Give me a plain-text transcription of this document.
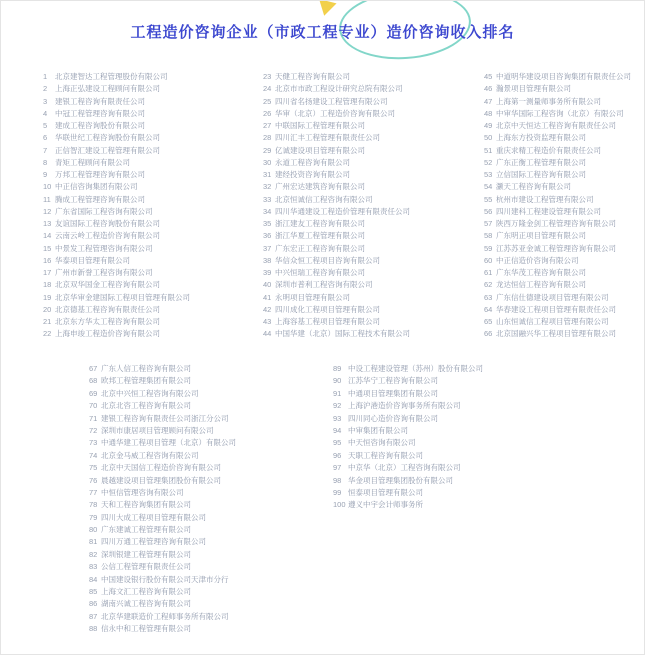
工程造价咨询企业（市政工程专业）造价咨询收入排名
1	北京建智达工程管理股份有限公司
2	上海正弘建设工程顾问有限公司
3	建银工程咨询有限责任公司
4	中冠工程管理咨询有限公司
5	建成工程咨询股份有限公司
6	华联世纪工程咨询股份有限公司
7	正信智汇建设工程管理有限公司
8	青矩工程顾问有限公司
9	万邦工程管理咨询有限公司
10 中正信咨询集团有限公司
11 腾成工程管理咨询有限公司
12 广东省国际工程咨询有限公司
13 友谊国际工程咨询股份有限公司
14 云南云岭工程造价咨询有限公司
15 中景发工程管理咨询有限公司
16 华泰项目管理有限公司
17 广州市新誉工程咨询有限公司
18 北京双华国金工程咨询有限公司
19 北京华审金建国际工程项目管理有限公司
20 北京德基工程咨询有限责任公司
21 北京东方华太工程咨询有限公司
22 上海申竣工程造价咨询有限公司
23 天健工程咨询有限公司
24 北京市市政工程设计研究总院有限公司
25 四川省名扬建设工程管理有限公司
26 华审（北京）工程造价咨询有限公司
27 中联国际工程管理有限公司
28 四川汇丰工程管理有限责任公司
29 亿诚建设项目管理有限公司
30 永道工程咨询有限公司
31 建经投资咨询有限公司
32 广州宏达建筑咨询有限公司
33 北京恒诚信工程咨询有限公司
34 四川华通建设工程造价管理有限责任公司
35 浙江建友工程咨询有限公司
36 浙江华夏工程管理有限公司
37 广东宏正工程咨询有限公司
38 华信众恒工程项目咨询有限公司
39 中兴恒瑞工程咨询有限公司
40 深圳市普利工程咨询有限公司
41 永明项目管理有限公司
42 四川成化工程项目管理有限公司
43 上海容基工程项目管理有限公司
44 中国华建（北京）国际工程技术有限公司
45 中道明华建设项目咨询集团有限责任公司
46 瀚景项目管理有限公司
47 上海第一测量师事务所有限公司
48 中审华国际工程咨询（北京）有限公司
49 北京中天恒达工程咨询有限责任公司
50 上海东方投资监理有限公司
51 重庆求精工程造价有限责任公司
52 广东正衡工程管理有限公司
53 立信国际工程咨询有限公司
54 灏天工程咨询有限公司
55 杭州市建设工程管理有限公司
56 四川建科工程建设管理有限公司
57 陕西万隆金剑工程管理咨询有限公司
58 广东明正项目管理有限公司
59 江苏苏亚金诚工程管理咨询有限公司
60 中正信造价咨询有限公司
61 广东华茂工程咨询有限公司
62 龙达恒信工程咨询有限公司
63 广东信仕德建设项目管理有限公司
64 华春建设工程项目管理有限责任公司
65 山东恒诚信工程项目管理有限公司
66 北京国融兴华工程项目管理有限公司
67 广东人信工程咨询有限公司
68 欧邦工程管理集团有限公司
69 北京中兴恒工程咨询有限公司
70 北京北咨工程咨询有限公司
71 建银工程咨询有限责任公司浙江分公司
72 深圳市康居项目管理顾问有限公司
73 中通华建工程项目管理（北京）有限公司
74 北京金马威工程咨询有限公司
75 北京中天国信工程造价咨询有限公司
76 晨越建设项目管理集团股份有限公司
77 中恒信管理咨询有限公司
78 天和工程咨询集团有限公司
79 四川大成工程项目管理有限公司
80 广东建诚工程管理有限公司
81 四川万通工程管理咨询有限公司
82 深圳银建工程管理有限公司
83 公信工程管理有限责任公司
84 中国建设银行股份有限公司天津市分行
85 上海文汇工程咨询有限公司
86 湖南兴诚工程咨询有限公司
87 北京华建联造价工程师事务所有限公司
88 信永中和工程管理有限公司
89 中设工程建设管理（苏州）股份有限公司
90 江苏华宁工程咨询有限公司
91 中通项目管理集团有限公司
92 上海沪港造价咨询事务所有限公司
93 四川同心造价咨询有限公司
94 中审集团有限公司
95 中天恒咨询有限公司
96 天职工程咨询有限公司
97 中京华（北京）工程咨询有限公司
98 华金项目管理集团股份有限公司
99 恒泰项目管理有限公司
100 遵义中宇会计师事务所
